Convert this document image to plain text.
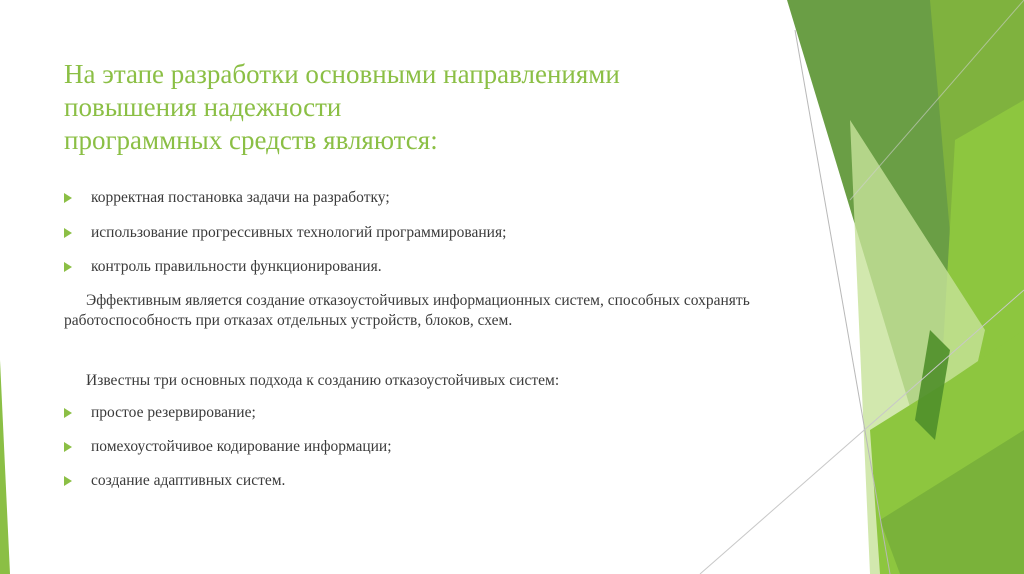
На этапе разработки основными направлениями
повышения надежности
программных средств являются:
корректная постановка задачи на разработку;
использование прогрессивных технологий программирования;
контроль правильности функционирования.
Эффективным является создание отказоустойчивых информационных систем, способных сохранять работоспособность при отказах отдельных устройств, блоков, схем.
Известны три основных подхода к созданию отказоустойчивых систем:
простое резервирование;
помехоустойчивое кодирование информации;
создание адаптивных систем.
